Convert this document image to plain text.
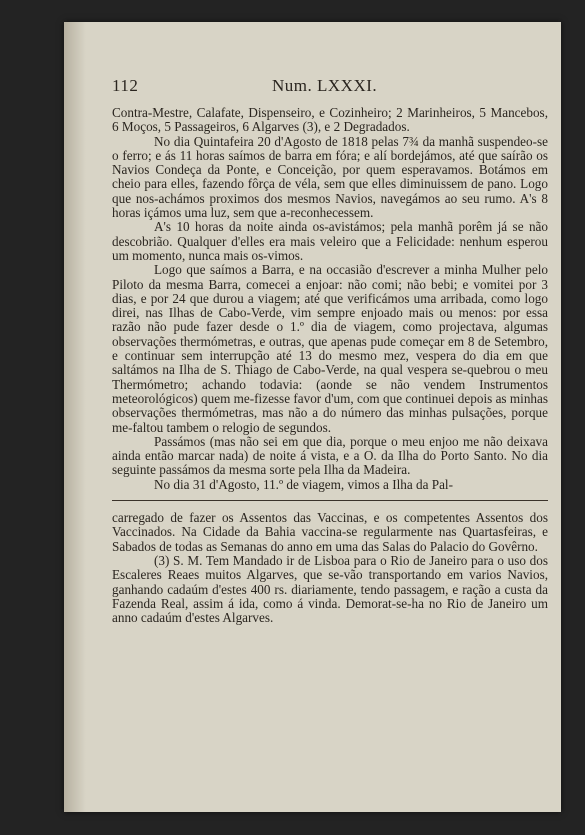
112	Num. LXXXI.

Contra-Mestre, Calafate, Dispenseiro, e Cozinheiro; 2 Marinheiros, 5 Mancebos, 6 Moços, 5 Passageiros, 6 Algarves (3), e 2 Degradados.

No dia Quintafeira 20 d'Agosto de 1818 pelas 7¾ da manhã suspendeo-se o ferro; e ás 11 horas saímos de barra em fóra; e alí bordejámos, até que saírão os Navios Condeça da Ponte, e Conceição, por quem esperavamos. Botámos em cheio para elles, fazendo fôrça de véla, sem que elles diminuissem de pano. Logo que nos-achámos proximos dos mesmos Navios, navegámos ao seu rumo. A's 8 horas içámos uma luz, sem que a-reconhecessem.

A's 10 horas da noite ainda os-avistámos; pela manhã porêm já se não descobrião. Qualquer d'elles era mais veleiro que a Felicidade: nenhum esperou um momento, nunca mais os-vimos.

Logo que saímos a Barra, e na occasião d'escrever a minha Mulher pelo Piloto da mesma Barra, comecei a enjoar: não comi; não bebi; e vomitei por 3 dias, e por 24 que durou a viagem; até que verificámos uma arribada, como logo direi, nas Ilhas de Cabo-Verde, vim sempre enjoado mais ou menos: por essa razão não pude fazer desde o 1.º dia de viagem, como projectava, algumas observações thermómetras, e outras, que apenas pude começar em 8 de Setembro, e continuar sem interrupção até 13 do mesmo mez, vespera do dia em que saltámos na Ilha de S. Thiago de Cabo-Verde, na qual vespera se-quebrou o meu Thermómetro; achando todavia: (aonde se não vendem Instrumentos meteorológicos) quem me-fizesse favor d'um, com que continuei depois as minhas observações thermómetras, mas não a do número das minhas pulsações, porque me-faltou tambem o relogio de segundos.

Passámos (mas não sei em que dia, porque o meu enjoo me não deixava ainda então marcar nada) de noite á vista, e a O. da Ilha do Porto Santo. No dia seguinte passámos da mesma sorte pela Ilha da Madeira.

No dia 31 d'Agosto, 11.º de viagem, vimos a Ilha da Pal-

carregado de fazer os Assentos das Vaccinas, e os competentes Assentos dos Vaccinados. Na Cidade da Bahia vaccina-se regularmente nas Quartasfeiras, e Sabados de todas as Semanas do anno em uma das Salas do Palacio do Govêrno.

(3) S. M. Tem Mandado ir de Lisboa para o Rio de Janeiro para o uso dos Escaleres Reaes muitos Algarves, que se-vão transportando em varios Navios, ganhando cadaúm d'estes 400 rs. diariamente, tendo passagem, e ração a custa da Fazenda Real, assim á ida, como á vinda. Demorat-se-ha no Rio de Janeiro um anno cadaúm d'estes Algarves.
